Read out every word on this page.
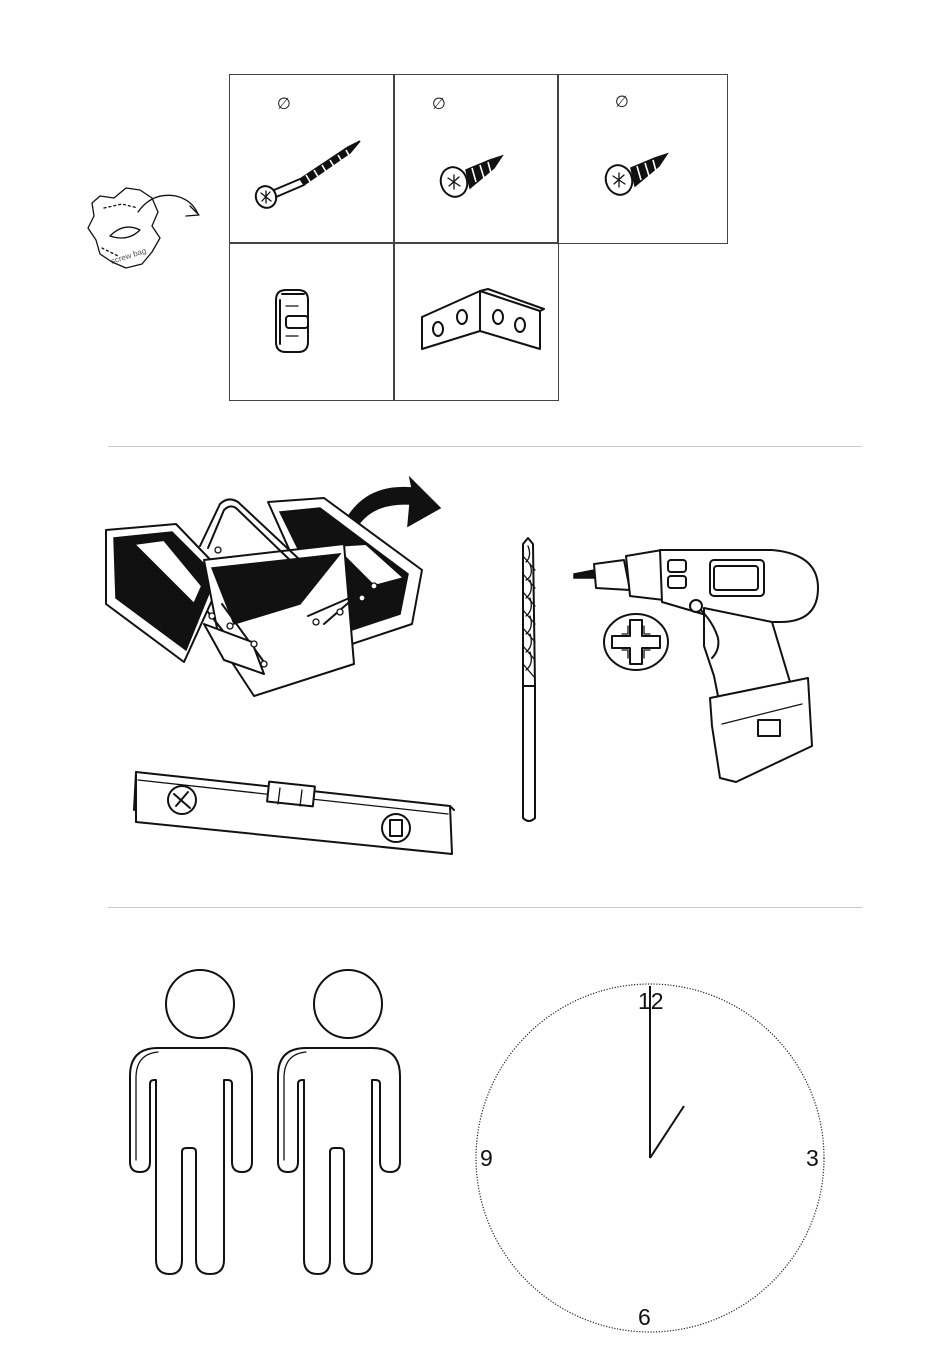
screw bag
∅	∅	∅
12
3
6
9
